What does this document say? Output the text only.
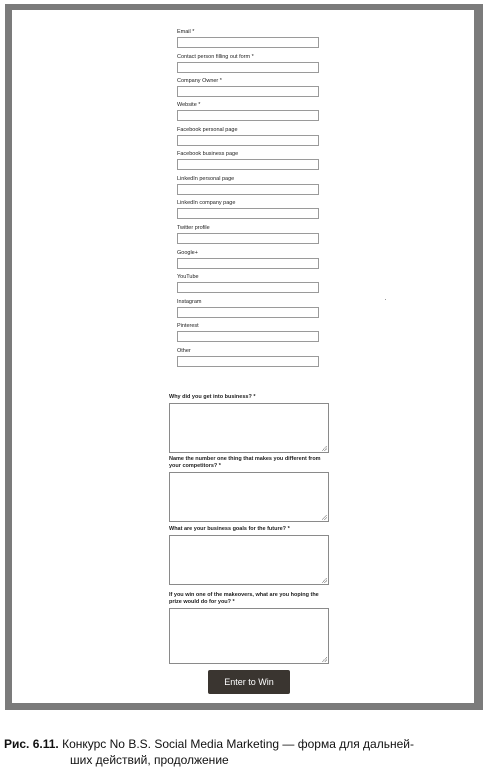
Email *
Contact person filling out form *
Company Owner *
Website *
Facebook personal page
Facebook business page
LinkedIn personal page
LinkedIn company page
Twitter profile
Google+
YouTube
Instagram
Pinterest
Other
Why did you get into business? *
Name the number one thing that makes you different from your competitors? *
What are your business goals for the future? *
If you win one of the makeovers, what are you hoping the prize would do for you? *
Enter to Win
Рис. 6.11. Конкурс No B.S. Social Media Marketing — форма для дальней-
ших действий, продолжение
